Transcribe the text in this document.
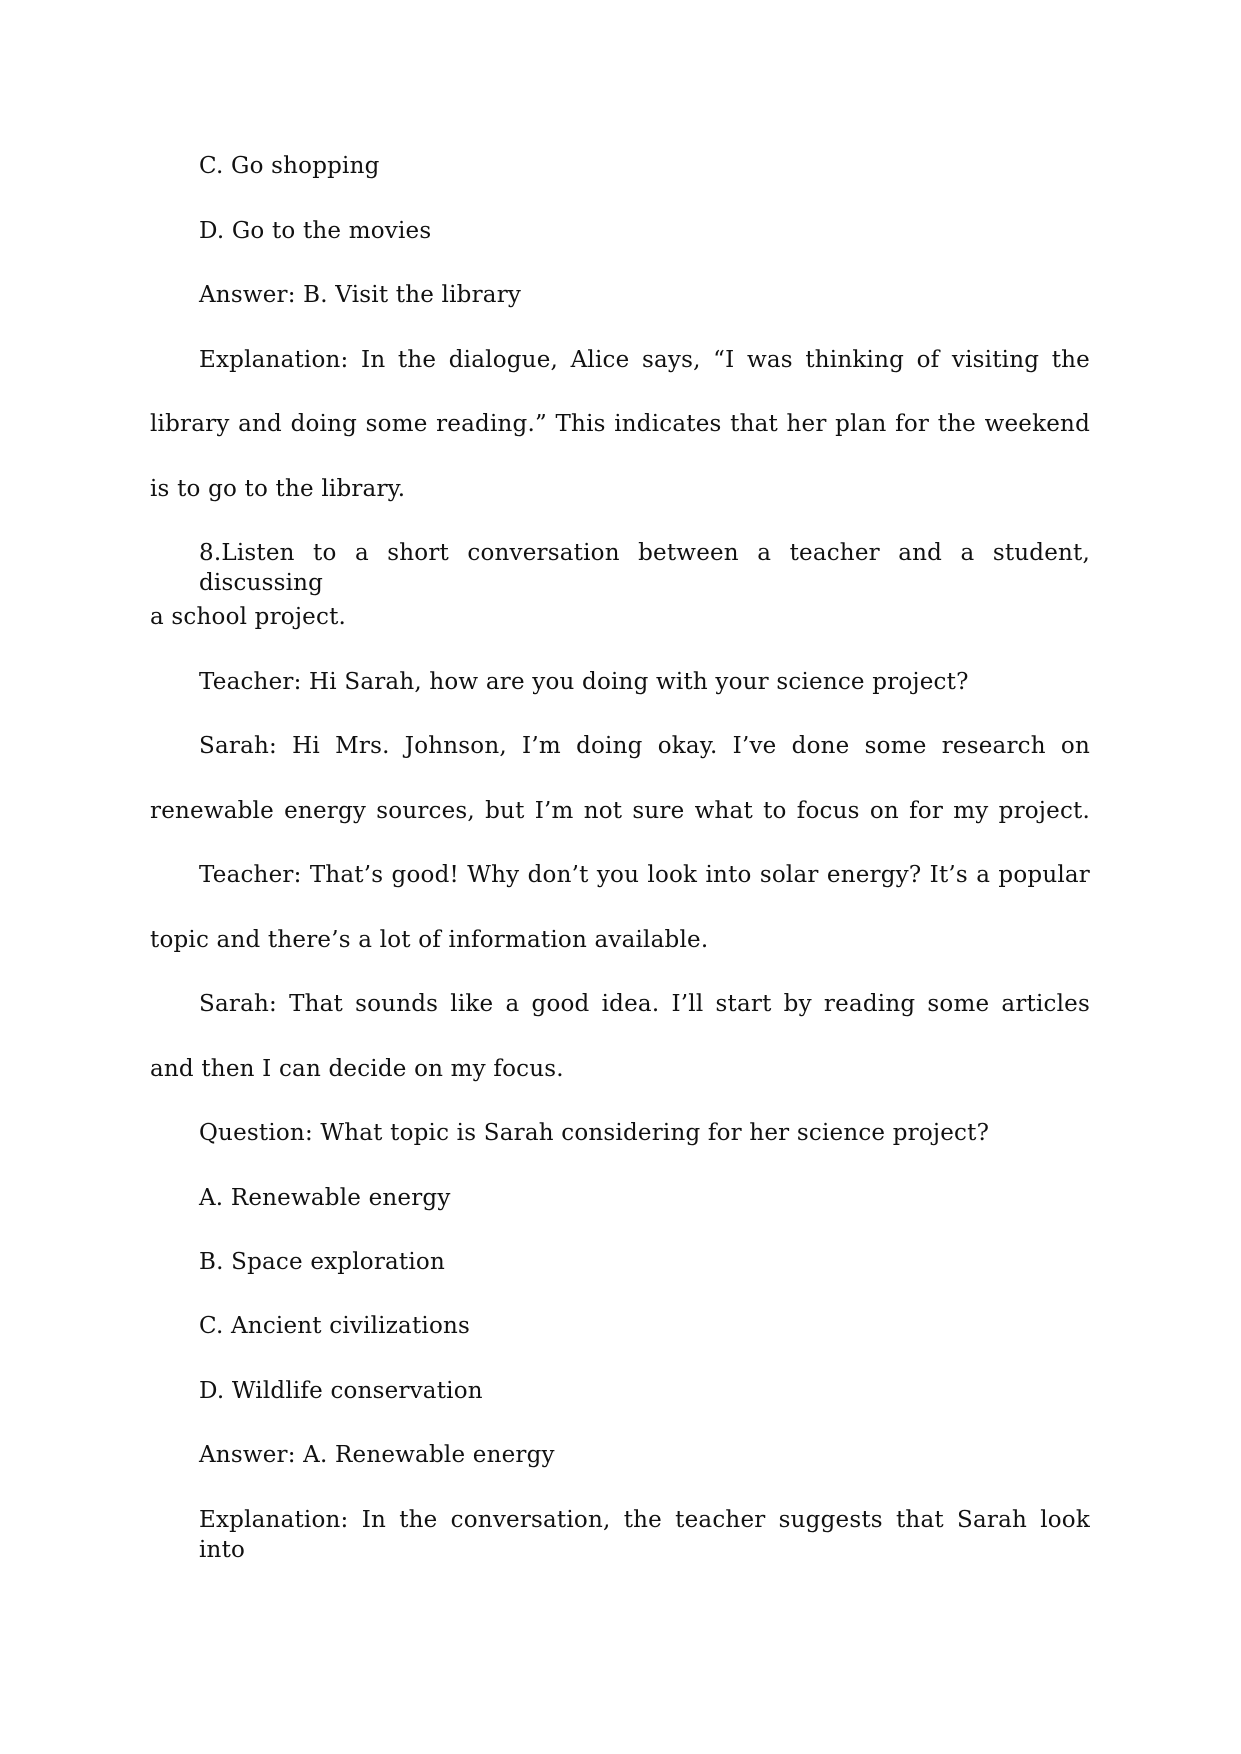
C. Go shopping
D. Go to the movies
Answer: B. Visit the library
Explanation: In the dialogue, Alice says, “I was thinking of visiting the
library and doing some reading.” This indicates that her plan for the weekend
is to go to the library.
8.Listen to a short conversation between a teacher and a student, discussing
a school project.
Teacher: Hi Sarah, how are you doing with your science project?
Sarah: Hi Mrs. Johnson, I’m doing okay. I’ve done some research on
renewable energy sources, but I’m not sure what to focus on for my project.
Teacher: That’s good! Why don’t you look into solar energy? It’s a popular
topic and there’s a lot of information available.
Sarah: That sounds like a good idea. I’ll start by reading some articles
and then I can decide on my focus.
Question: What topic is Sarah considering for her science project?
A. Renewable energy
B. Space exploration
C. Ancient civilizations
D. Wildlife conservation
Answer: A. Renewable energy
Explanation: In the conversation, the teacher suggests that Sarah look into
